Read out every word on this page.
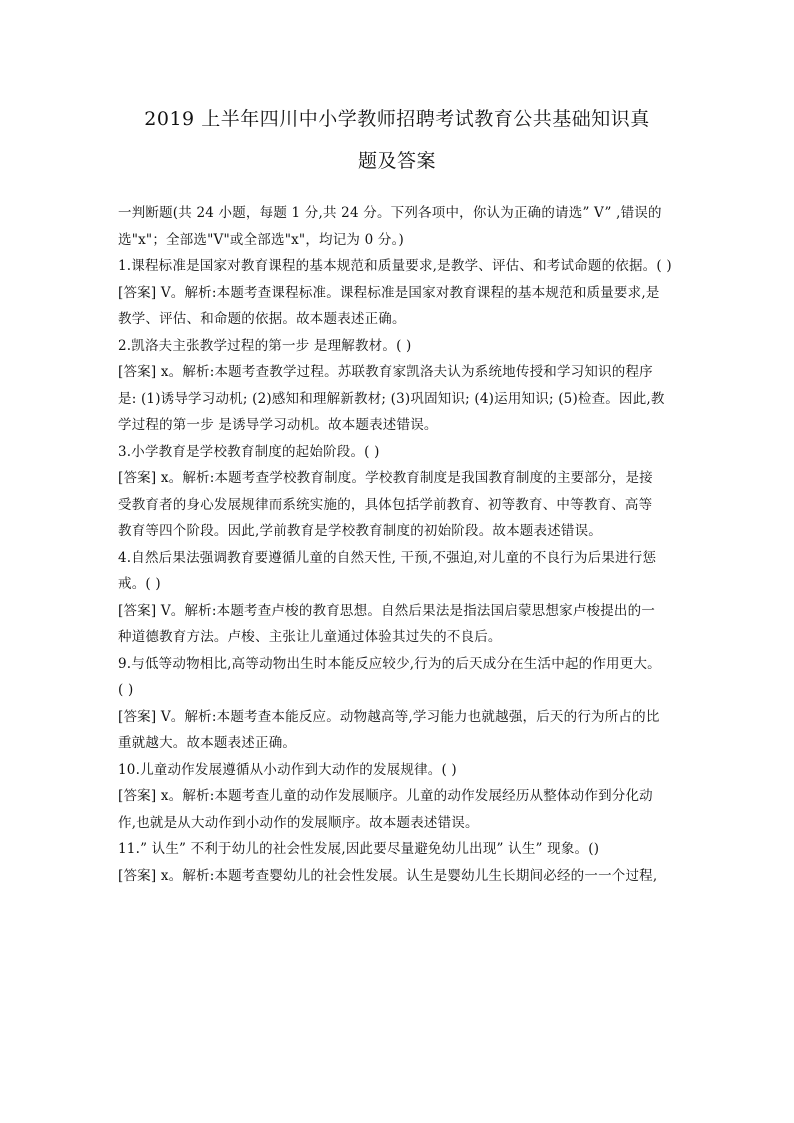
2019 上半年四川中小学教师招聘考试教育公共基础知识真
题及答案

一判断题(共 24 小题，每题 1 分,共 24 分。下列各项中，你认为正确的请选” V” ,错误的

选"x"；全部选"V"或全部选"x"，均记为 0 分。)

1.课程标准是国家对教育课程的基本规范和质量要求,是教学、评估、和考试命题的依据。( )

[答案] V。解析:本题考查课程标准。课程标准是国家对教育课程的基本规范和质量要求,是

教学、评估、和命题的依据。故本题表述正确。

2.凯洛夫主张教学过程的第一步 是理解教材。( )

[答案] x。解析:本题考查教学过程。苏联教育家凯洛夫认为系统地传授和学习知识的程序

是: (1)诱导学习动机; (2)感知和理解新教材; (3)巩固知识; (4)运用知识; (5)检查。因此,教

学过程的第一步 是诱导学习动机。故本题表述错误。

3.小学教育是学校教育制度的起始阶段。( )

[答案] x。解析:本题考查学校教育制度。学校教育制度是我国教育制度的主要部分，是接

受教育者的身心发展规律而系统实施的，具体包括学前教育、初等教育、中等教育、高等

教育等四个阶段。因此,学前教育是学校教育制度的初始阶段。故本题表述错误。

4.自然后果法强调教育要遵循儿童的自然天性, 干预,不强迫,对儿童的不良行为后果进行惩

戒。( )

[答案] V。解析:本题考查卢梭的教育思想。自然后果法是指法国启蒙思想家卢梭提出的一

种道德教育方法。卢梭、主张让儿童通过体验其过失的不良后。

9.与低等动物相比,高等动物出生时本能反应较少,行为的后天成分在生活中起的作用更大。

( )

[答案] V。解析:本题考查本能反应。动物越高等,学习能力也就越强，后天的行为所占的比

重就越大。故本题表述正确。

10.儿童动作发展遵循从小动作到大动作的发展规律。( )

[答案] x。解析:本题考查儿童的动作发展顺序。儿童的动作发展经历从整体动作到分化动

作,也就是从大动作到小动作的发展顺序。故本题表述错误。

11.” 认生” 不利于幼儿的社会性发展,因此要尽量避免幼儿出现” 认生” 现象。()

[答案] x。解析:本题考查婴幼儿的社会性发展。认生是婴幼儿生长期间必经的一一个过程,
